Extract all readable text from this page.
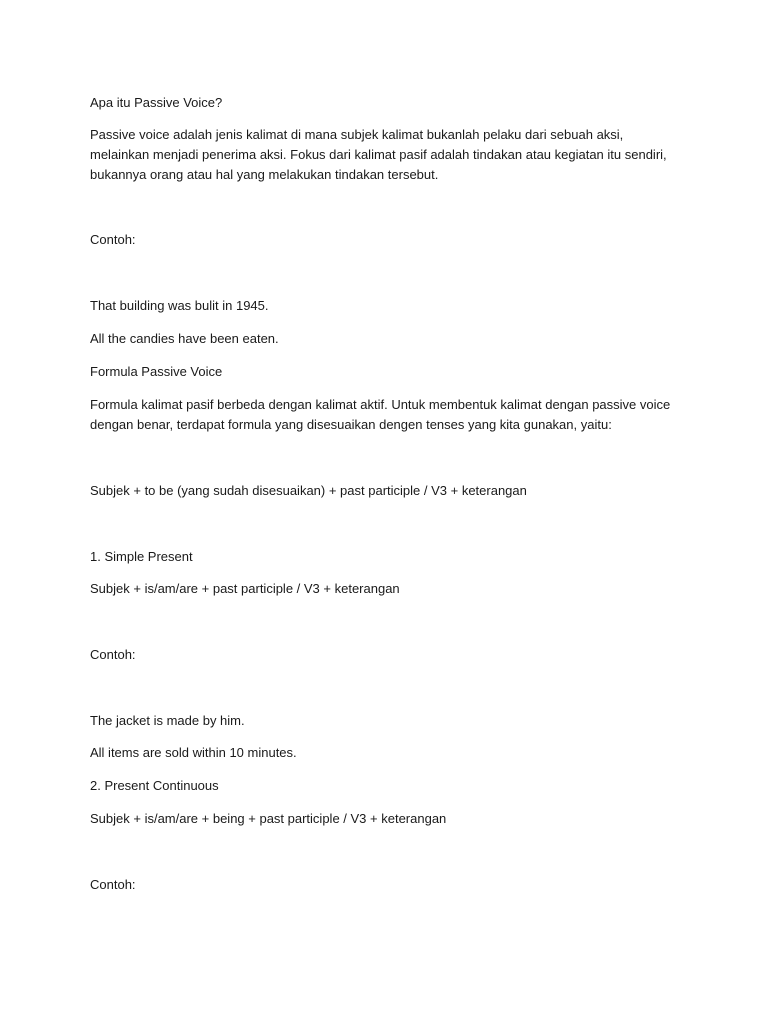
Apa itu Passive Voice?
Passive voice adalah jenis kalimat di mana subjek kalimat bukanlah pelaku dari sebuah aksi, melainkan menjadi penerima aksi. Fokus dari kalimat pasif adalah tindakan atau kegiatan itu sendiri, bukannya orang atau hal yang melakukan tindakan tersebut.
Contoh:
That building was bulit in 1945.
All the candies have been eaten.
Formula Passive Voice
Formula kalimat pasif berbeda dengan kalimat aktif. Untuk membentuk kalimat dengan passive voice dengan benar, terdapat formula yang disesuaikan dengen tenses yang kita gunakan, yaitu:
Subjek + to be (yang sudah disesuaikan) + past participle / V3 + keterangan
1. Simple Present
Subjek + is/am/are + past participle / V3 + keterangan
Contoh:
The jacket is made by him.
All items are sold within 10 minutes.
2. Present Continuous
Subjek + is/am/are + being + past participle / V3 + keterangan
Contoh:
